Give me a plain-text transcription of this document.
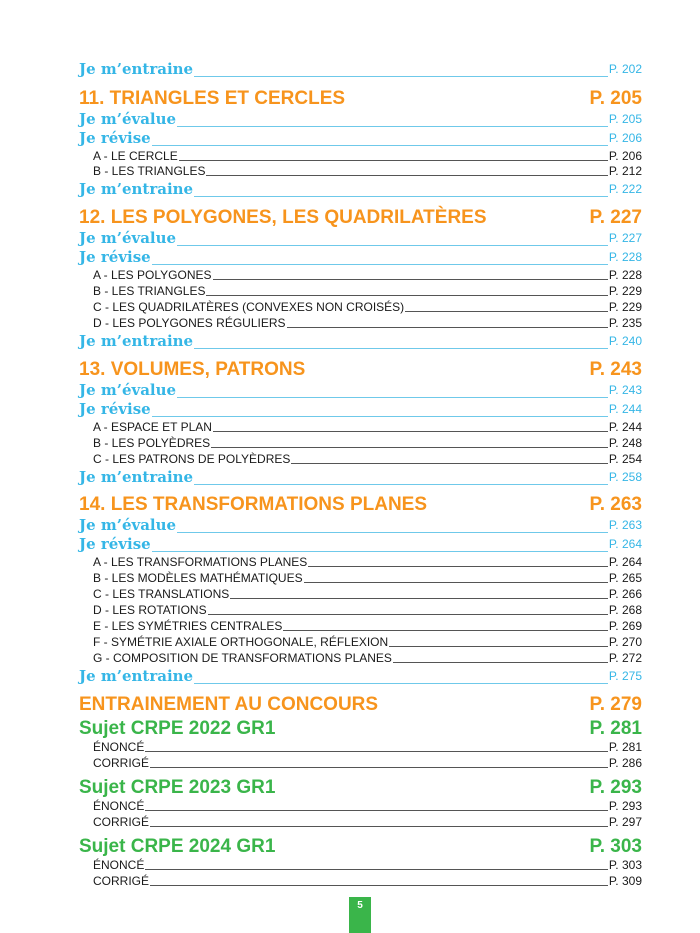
Je m’entraine	P. 202
11. TRIANGLES ET CERCLES	P. 205
Je m’évalue	P. 205
Je révise	P. 206
A - LE CERCLE	P. 206
B - LES TRIANGLES	P. 212
Je m’entraine	P. 222
12. LES POLYGONES, LES QUADRILATÈRES	P. 227
Je m’évalue	P. 227
Je révise	P. 228
A - LES POLYGONES	P. 228
B - LES TRIANGLES	P. 229
C - LES QUADRILATÈRES (CONVEXES NON CROISÉS)	P. 229
D - LES POLYGONES RÉGULIERS	P. 235
Je m’entraine	P. 240
13. VOLUMES, PATRONS	P. 243
Je m’évalue	P. 243
Je révise	P. 244
A - ESPACE ET PLAN	P. 244
B - LES POLYÈDRES	P. 248
C - LES PATRONS DE POLYÈDRES	P. 254
Je m’entraine	P. 258
14. LES TRANSFORMATIONS PLANES	P. 263
Je m’évalue	P. 263
Je révise	P. 264
A - LES TRANSFORMATIONS PLANES	P. 264
B - LES MODÈLES MATHÉMATIQUES	P. 265
C - LES TRANSLATIONS	P. 266
D - LES ROTATIONS	P. 268
E - LES SYMÉTRIES CENTRALES	P. 269
F - SYMÉTRIE AXIALE ORTHOGONALE, RÉFLEXION	P. 270
G - COMPOSITION DE TRANSFORMATIONS PLANES	P. 272
Je m’entraine	P. 275
ENTRAINEMENT AU CONCOURS	P. 279
Sujet CRPE 2022 GR1	P. 281
ÉNONCÉ	P. 281
CORRIGÉ	P. 286
Sujet CRPE 2023 GR1	P. 293
ÉNONCÉ	P. 293
CORRIGÉ	P. 297
Sujet CRPE 2024 GR1	P. 303
ÉNONCÉ	P. 303
CORRIGÉ	P. 309
5
